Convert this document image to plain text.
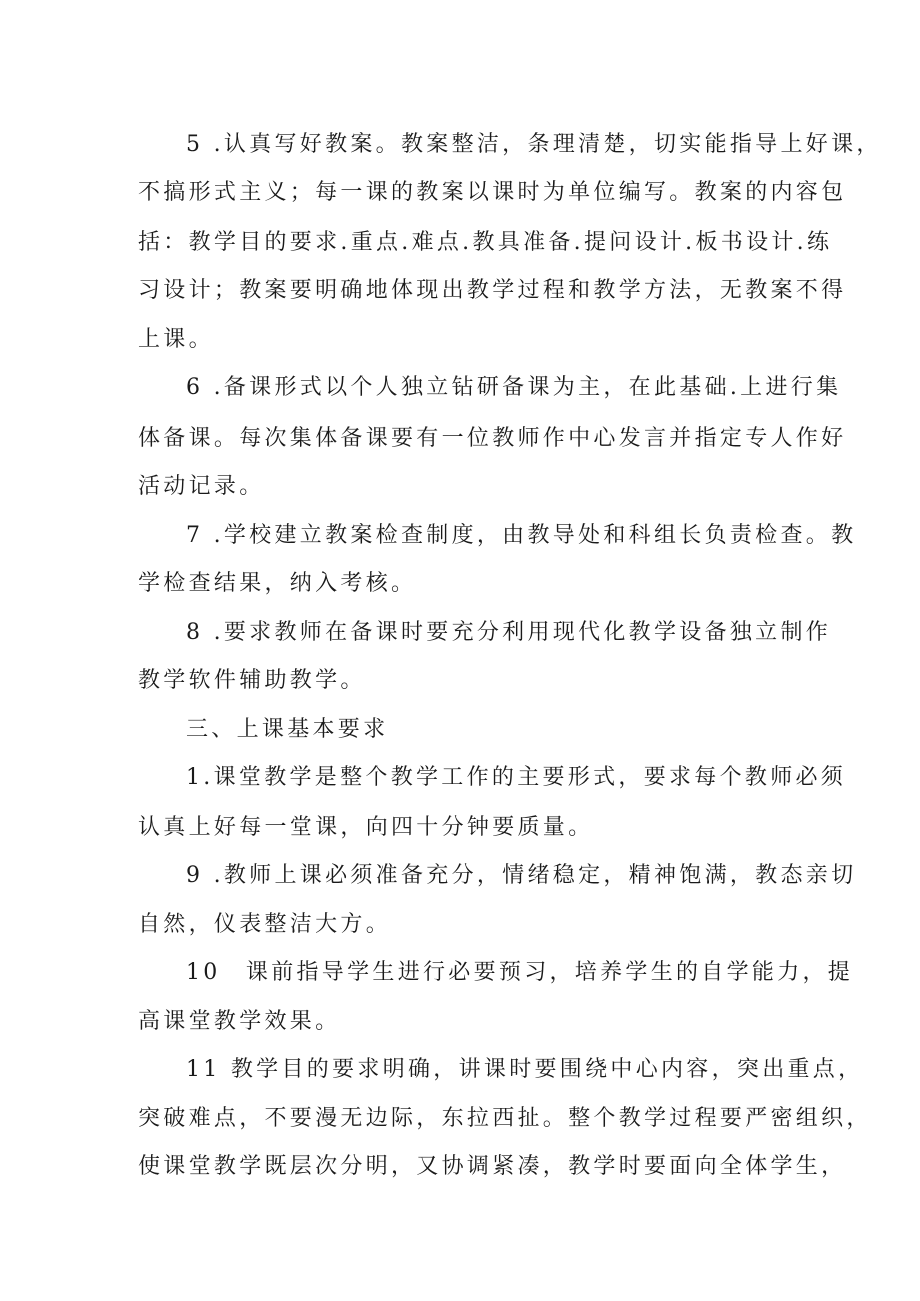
5 .认真写好教案。教案整洁，条理清楚，切实能指导上好课，
不搞形式主义；每一课的教案以课时为单位编写。教案的内容包
括：教学目的要求.重点.难点.教具准备.提问设计.板书设计.练
习设计；教案要明确地体现出教学过程和教学方法，无教案不得
上课。
6 .备课形式以个人独立钻研备课为主，在此基础.上进行集
体备课。每次集体备课要有一位教师作中心发言并指定专人作好
活动记录。
7 .学校建立教案检查制度，由教导处和科组长负责检查。教
学检查结果，纳入考核。
8 .要求教师在备课时要充分利用现代化教学设备独立制作
教学软件辅助教学。
三、上课基本要求
1.课堂教学是整个教学工作的主要形式，要求每个教师必须
认真上好每一堂课，向四十分钟要质量。
9 .教师上课必须准备充分，情绪稳定，精神饱满，教态亲切
自然，仪表整洁大方。
10　课前指导学生进行必要预习，培养学生的自学能力，提
高课堂教学效果。
11 教学目的要求明确，讲课时要围绕中心内容，突出重点，
突破难点，不要漫无边际，东拉西扯。整个教学过程要严密组织，
使课堂教学既层次分明，又协调紧凑，教学时要面向全体学生，
